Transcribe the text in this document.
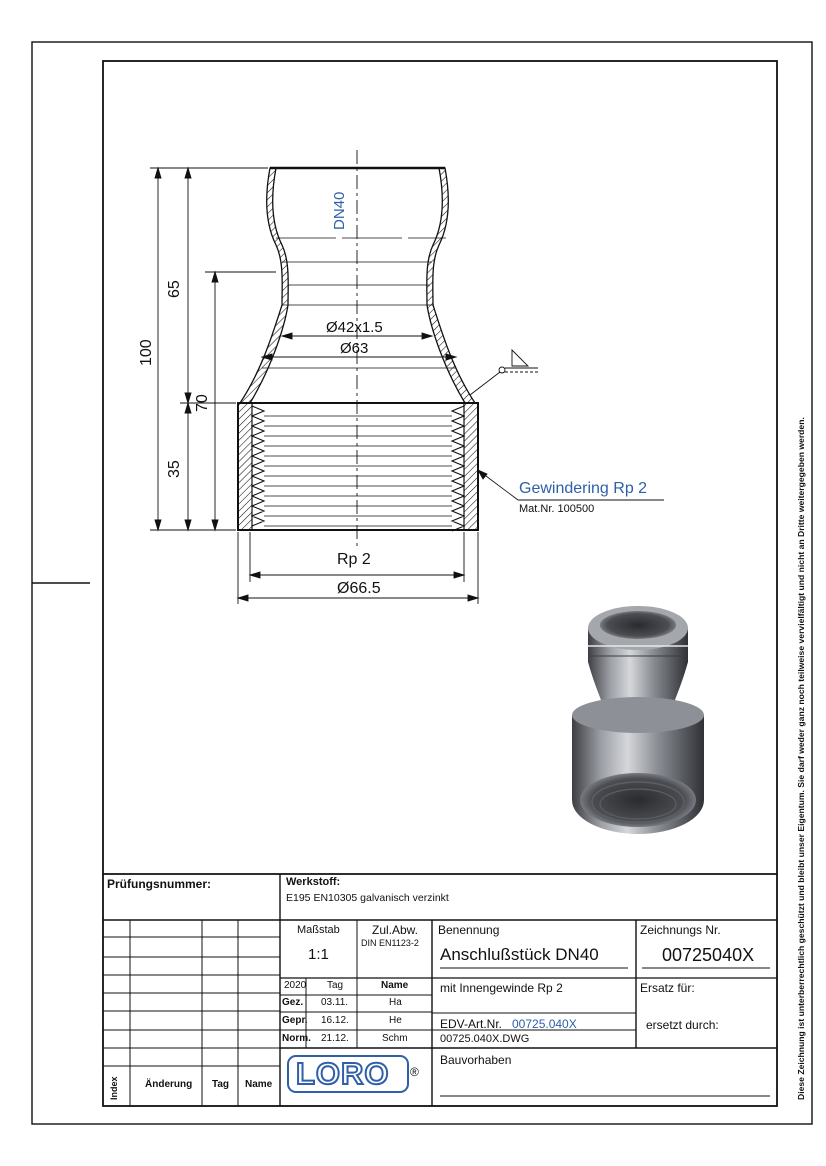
DN40
65
100
70
35
Ø42x1.5
Ø63
Rp 2
Ø66.5
Gewindering Rp 2
Mat.Nr. 100500	Diese Zeichnung ist unterberrechtlich geschützt und bleibt unser Eigentum. Sie darf weder ganz noch teilweise vervielfältigt und nicht an Dritte weitergegeben werden.
Prüfungsnummer:	Werkstoff:
E195 EN10305 galvanisch verzinkt
Maßstab
1:1
Zul.Abw.
DIN EN1123-2
Benennung
Anschlußstück DN40
Zeichnungs Nr.
00725040X
2020 Tag	Name
Gez. 03.11.	Ha
Gepr. 16.12.	He
Norm. 21.12.	Schm
mit Innengewinde Rp 2	Ersatz für:
EDV-Art.Nr. 00725.040X	ersetzt durch:
00725.040X.DWG
Bauvorhaben
LORO ®
Index	Änderung Tag Name
